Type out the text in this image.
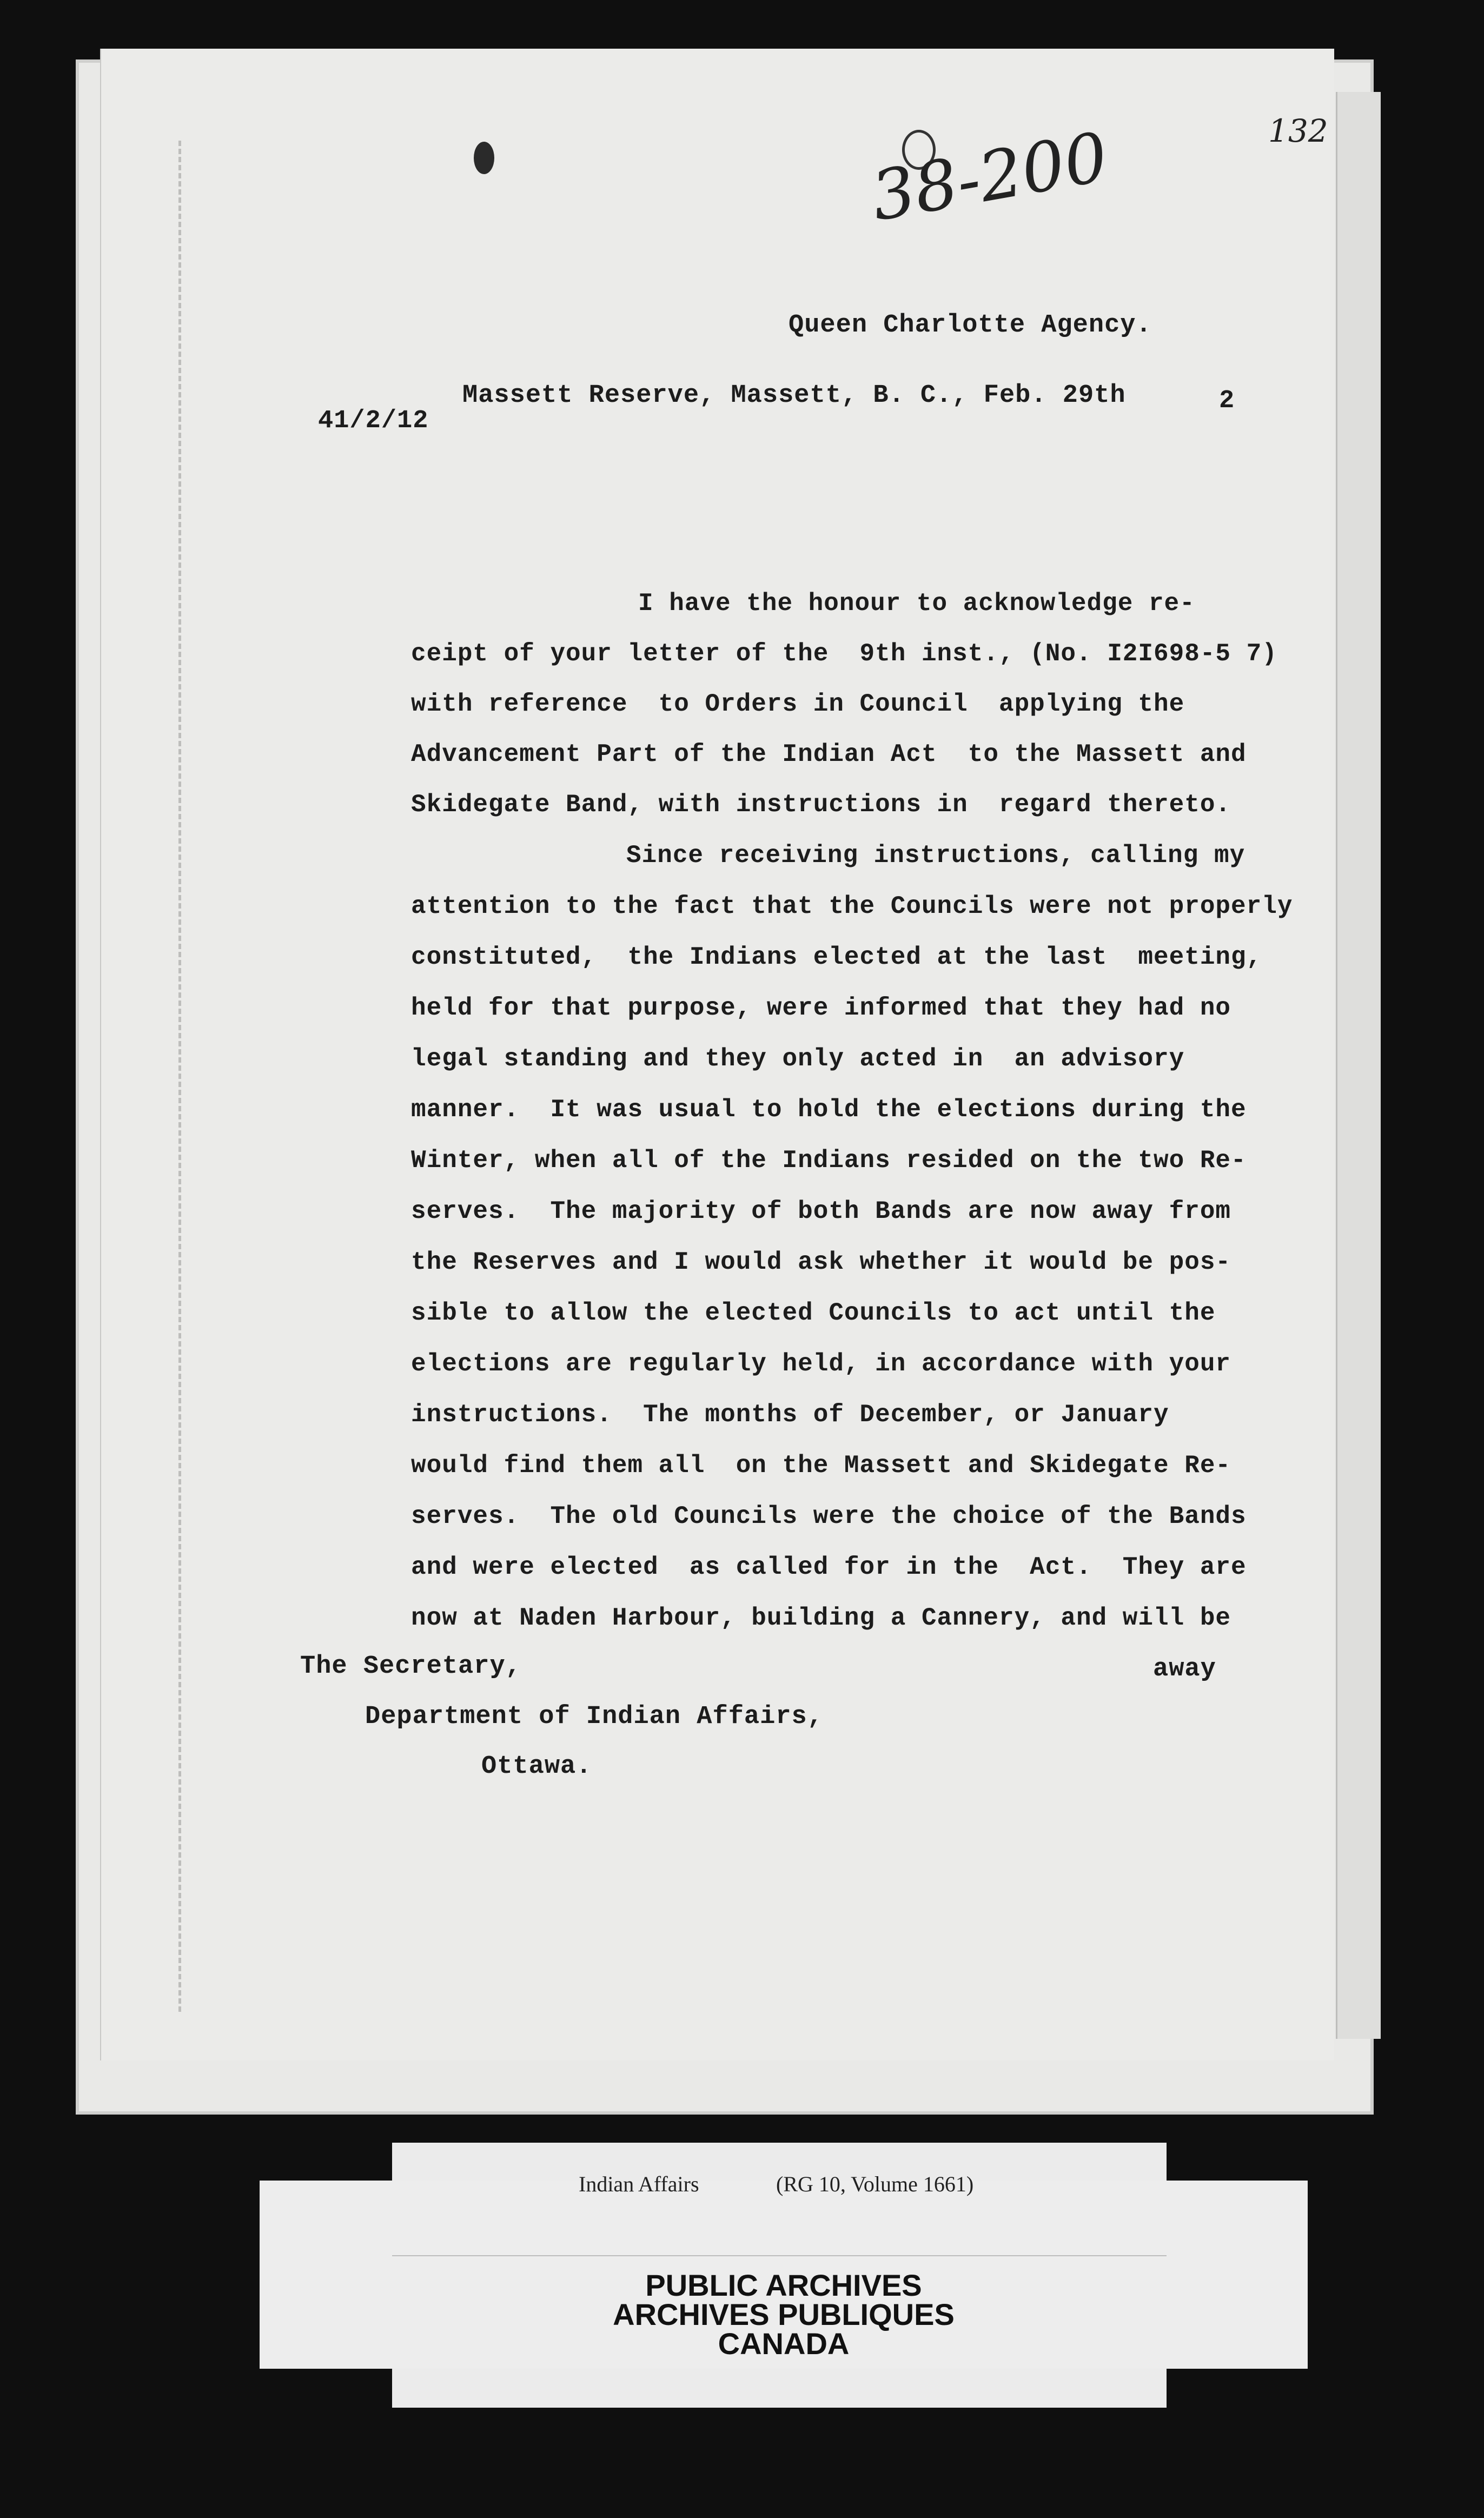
132
38-200
Queen Charlotte Agency.
Massett Reserve, Massett, B. C., Feb. 29th	2
41/2/12
I have the honour to acknowledge re-
ceipt of your letter of the  9th inst., (No. I2I698-5 7)
with reference  to Orders in Council  applying the
Advancement Part of the Indian Act  to the Massett and
Skidegate Band, with instructions in  regard thereto.
Since receiving instructions, calling my
attention to the fact that the Councils were not properly
constituted,  the Indians elected at the last  meeting,
held for that purpose, were informed that they had no
legal standing and they only acted in  an advisory
manner.  It was usual to hold the elections during the
Winter, when all of the Indians resided on the two Re-
serves.  The majority of both Bands are now away from
the Reserves and I would ask whether it would be pos-
sible to allow the elected Councils to act until the
elections are regularly held, in accordance with your
instructions.  The months of December, or January
would find them all  on the Massett and Skidegate Re-
serves.  The old Councils were the choice of the Bands
and were elected  as called for in the  Act.  They are
now at Naden Harbour, building a Cannery, and will be
away
The Secretary,
Department of Indian Affairs,
Ottawa.
Indian Affairs	(RG 10, Volume 1661)
PUBLIC ARCHIVES
ARCHIVES PUBLIQUES
CANADA
